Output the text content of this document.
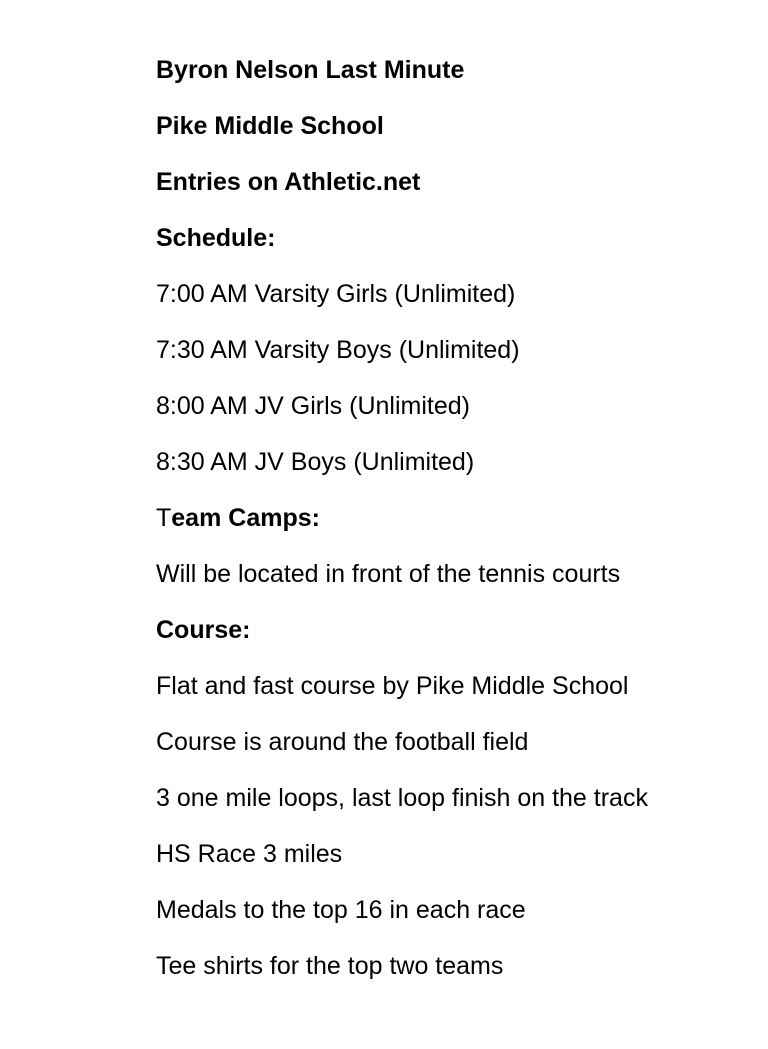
Byron Nelson Last Minute

Pike Middle School

Entries on Athletic.net

Schedule:

7:00 AM Varsity Girls (Unlimited)

7:30 AM Varsity Boys (Unlimited)

8:00 AM JV Girls (Unlimited)

8:30 AM JV Boys (Unlimited)

Team Camps:

Will be located in front of the tennis courts

Course:

Flat and fast course by Pike Middle School

Course is around the football field

3 one mile loops, last loop finish on the track

HS Race 3 miles

Medals to the top 16 in each race

Tee shirts for the top two teams
